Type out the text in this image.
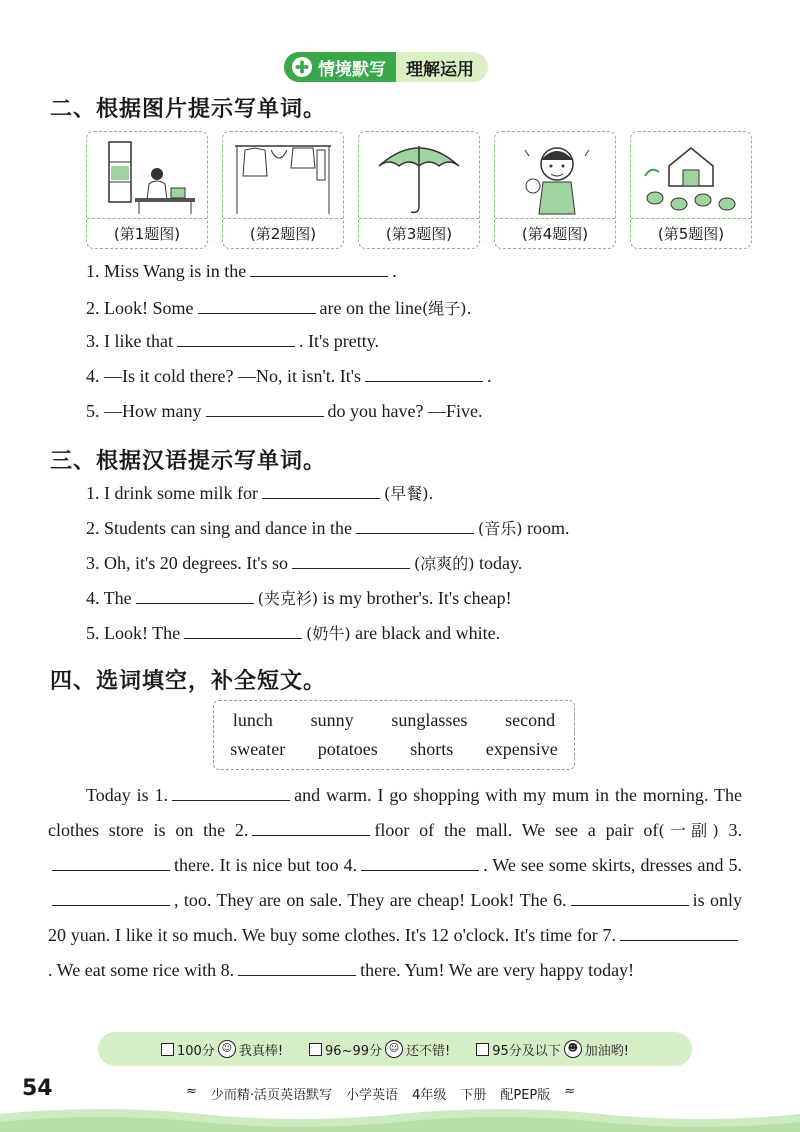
情境默写	理解运用
二、根据图片提示写单词。
(第1题图)	(第2题图)	(第3题图)	(第4题图)	(第5题图)
1. Miss Wang is in the	.
2. Look! Some	are on the line(绳子).
3. I like that	. It's pretty.
4. —Is it cold there? —No, it isn't. It's	.
5. —How many	do you have? —Five.
三、根据汉语提示写单词。
1. I drink some milk for	(早餐).
2. Students can sing and dance in the	(音乐) room.
3. Oh, it's 20 degrees. It's so	(凉爽的) today.
4. The	(夹克衫) is my brother's. It's cheap!
5. Look! The	(奶牛) are black and white.
四、选词填空，补全短文。
lunch sunny sunglasses second
sweater potatoes shorts expensive
Today is 1.	and warm. I go shopping with my mum in the morning. The clothes store is on the 2.	floor of the mall. We see a pair of(一副) 3.there. It is nice but too 4.	. We see some skirts, dresses and 5., too. They are on sale. They are cheap! Look! The 6.	is only 20 yuan. I like it so much. We buy some clothes. It's 12 o'clock. It's time for 7.. We eat some rice with 8.	there. Yum! We are very happy today!
100分 ☺ 我真棒!	96~99分 ☺ 还不错!	95分及以下 ☻ 加油哟!
54	≈ 少而精·活页英语默写 小学英语 4年级 下册 配PEP版 ≈
